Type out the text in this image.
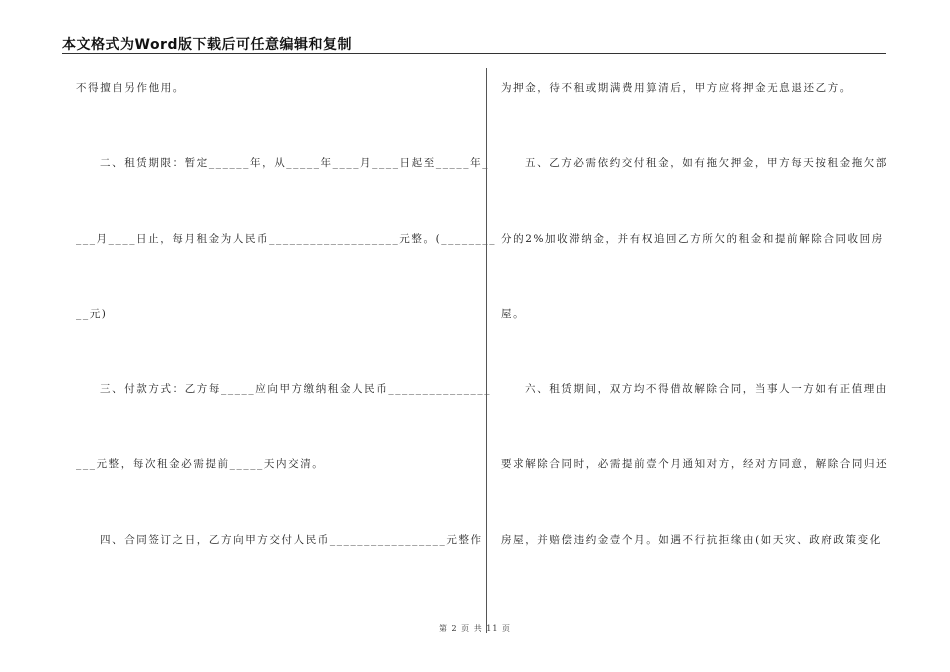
本文格式为Word版下载后可任意编辑和复制
不得擅自另作他用。
二、租赁期限：暂定______年，从_____年____月____日起至_____年_
___月____日止，每月租金为人民币___________________元整。(________
__元)
三、付款方式：乙方每_____应向甲方缴纳租金人民币_______________
___元整，每次租金必需提前_____天内交清。
四、合同签订之日，乙方向甲方交付人民币_________________元整作
为押金，待不租或期满费用算清后，甲方应将押金无息退还乙方。
五、乙方必需依约交付租金，如有拖欠押金，甲方每天按租金拖欠部
分的2%加收滞纳金，并有权追回乙方所欠的租金和提前解除合同收回房
屋。
六、租赁期间，双方均不得借故解除合同，当事人一方如有正值理由
要求解除合同时，必需提前壹个月通知对方，经对方同意，解除合同归还
房屋，并赔偿违约金壹个月。如遇不行抗拒缘由(如天灾、政府政策变化
第 2 页 共 11 页
